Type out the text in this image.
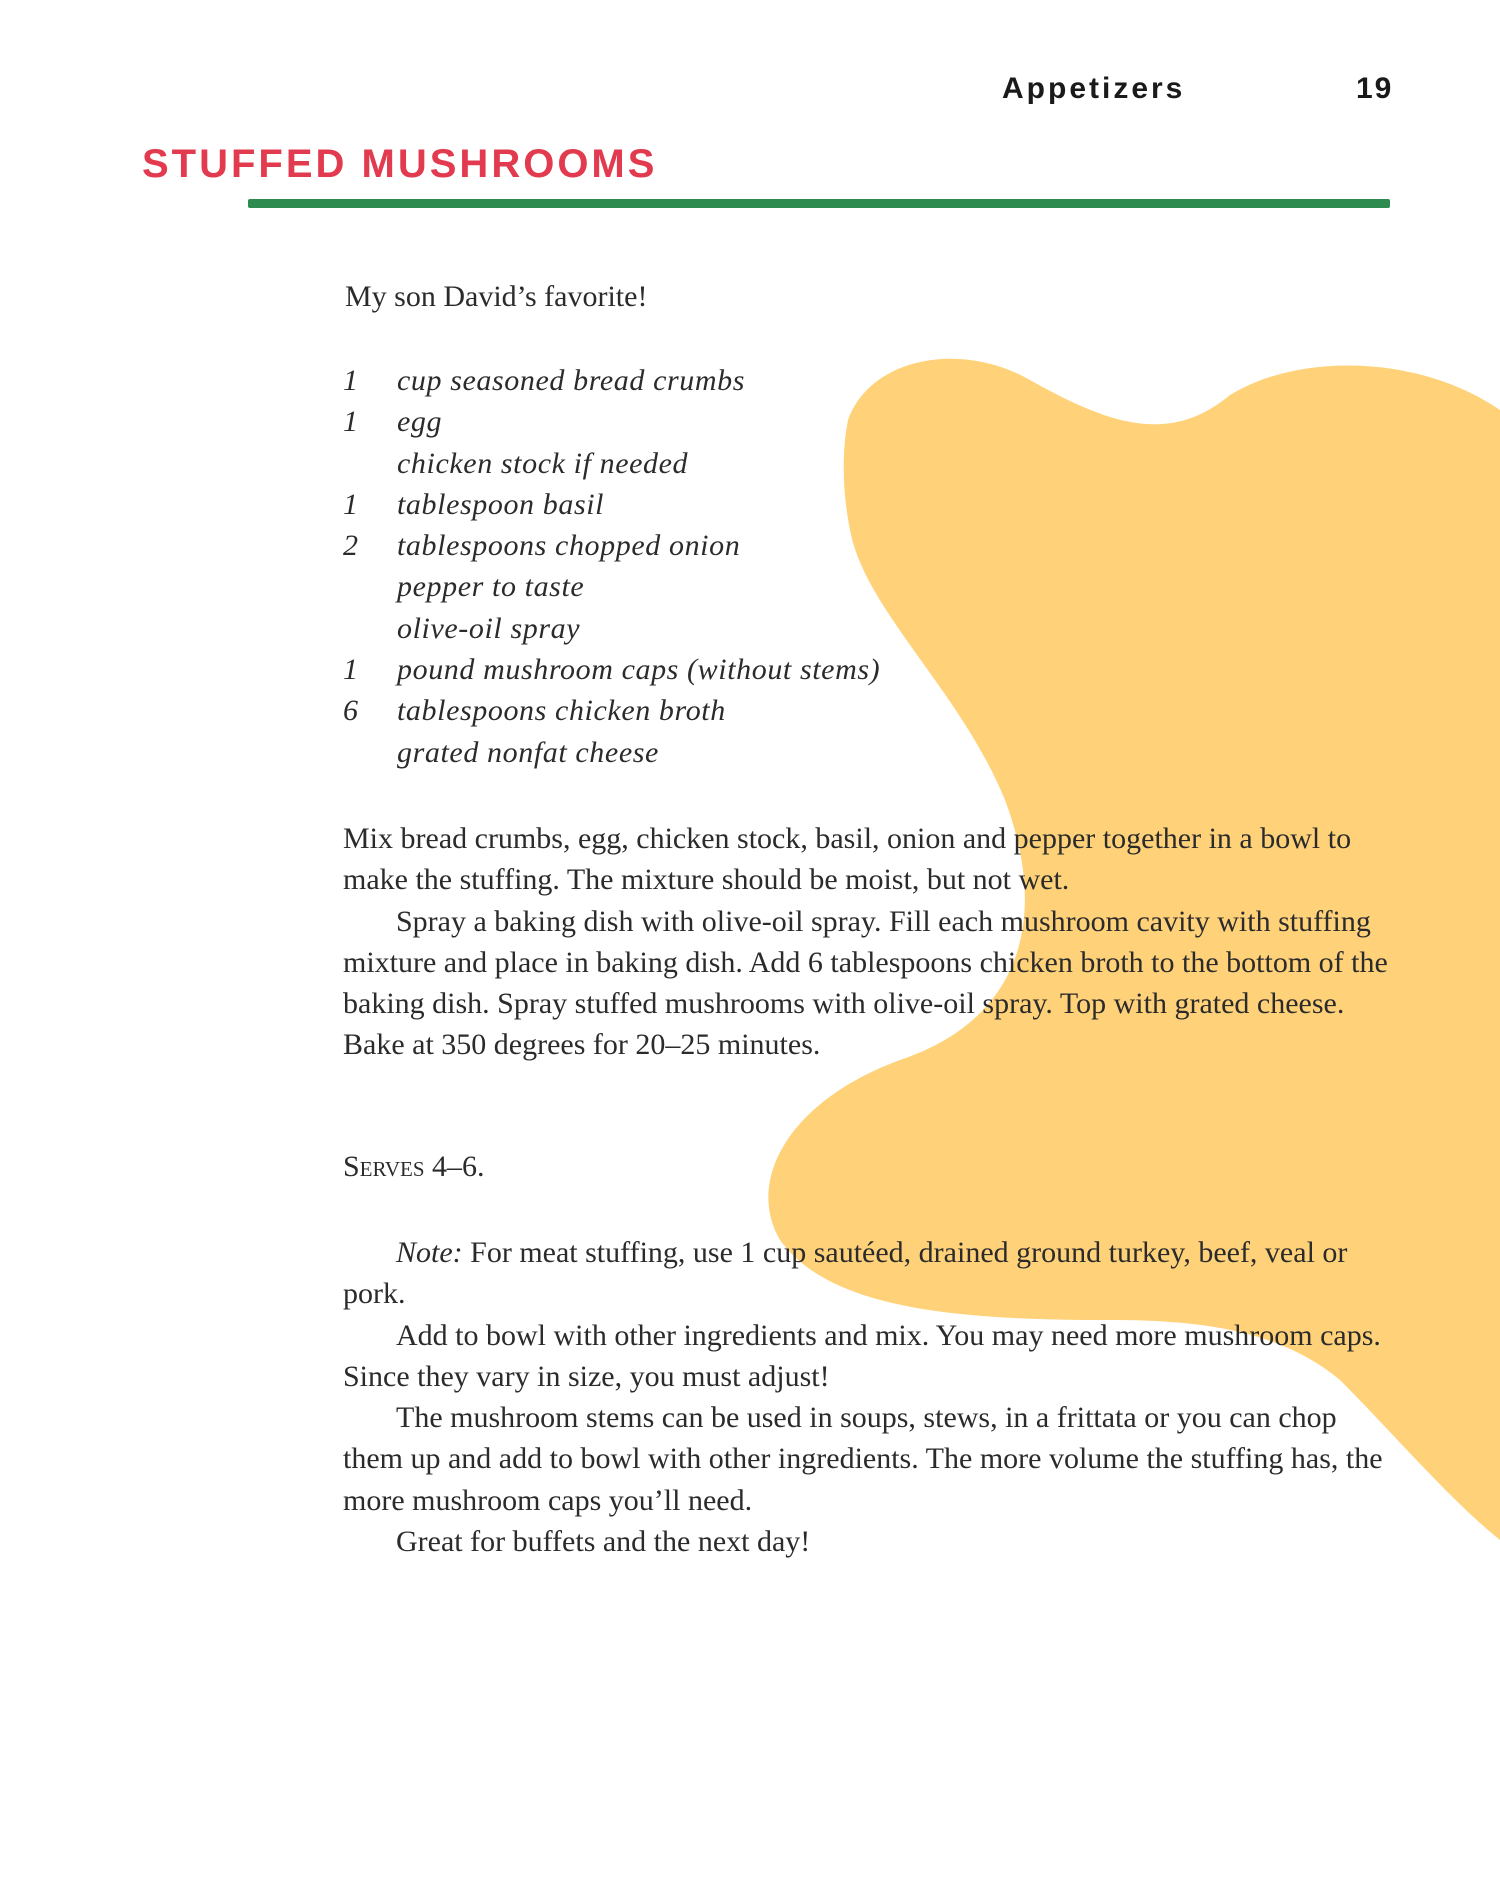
Appetizers	19
STUFFED MUSHROOMS
My son David’s favorite!
1	cup seasoned bread crumbs
1	egg
chicken stock if needed
1	tablespoon basil
2	tablespoons chopped onion
pepper to taste
olive-oil spray
1	pound mushroom caps (without stems)
6	tablespoons chicken broth
grated nonfat cheese

Mix bread crumbs, egg, chicken stock, basil, onion and pepper together in a bowl to make the stuffing. The mixture should be moist, but not wet.

Spray a baking dish with olive-oil spray. Fill each mushroom cavity with stuffing mixture and place in baking dish. Add 6 tablespoons chicken broth to the bottom of the baking dish. Spray stuffed mushrooms with olive-oil spray. Top with grated cheese. Bake at 350 degrees for 20–25 minutes.

Serves 4–6.

Note: For meat stuffing, use 1 cup sautéed, drained ground turkey, beef, veal or pork.

Add to bowl with other ingredients and mix. You may need more mushroom caps. Since they vary in size, you must adjust!

The mushroom stems can be used in soups, stews, in a frittata or you can chop them up and add to bowl with other ingredients. The more volume the stuffing has, the more mushroom caps you’ll need.

Great for buffets and the next day!
